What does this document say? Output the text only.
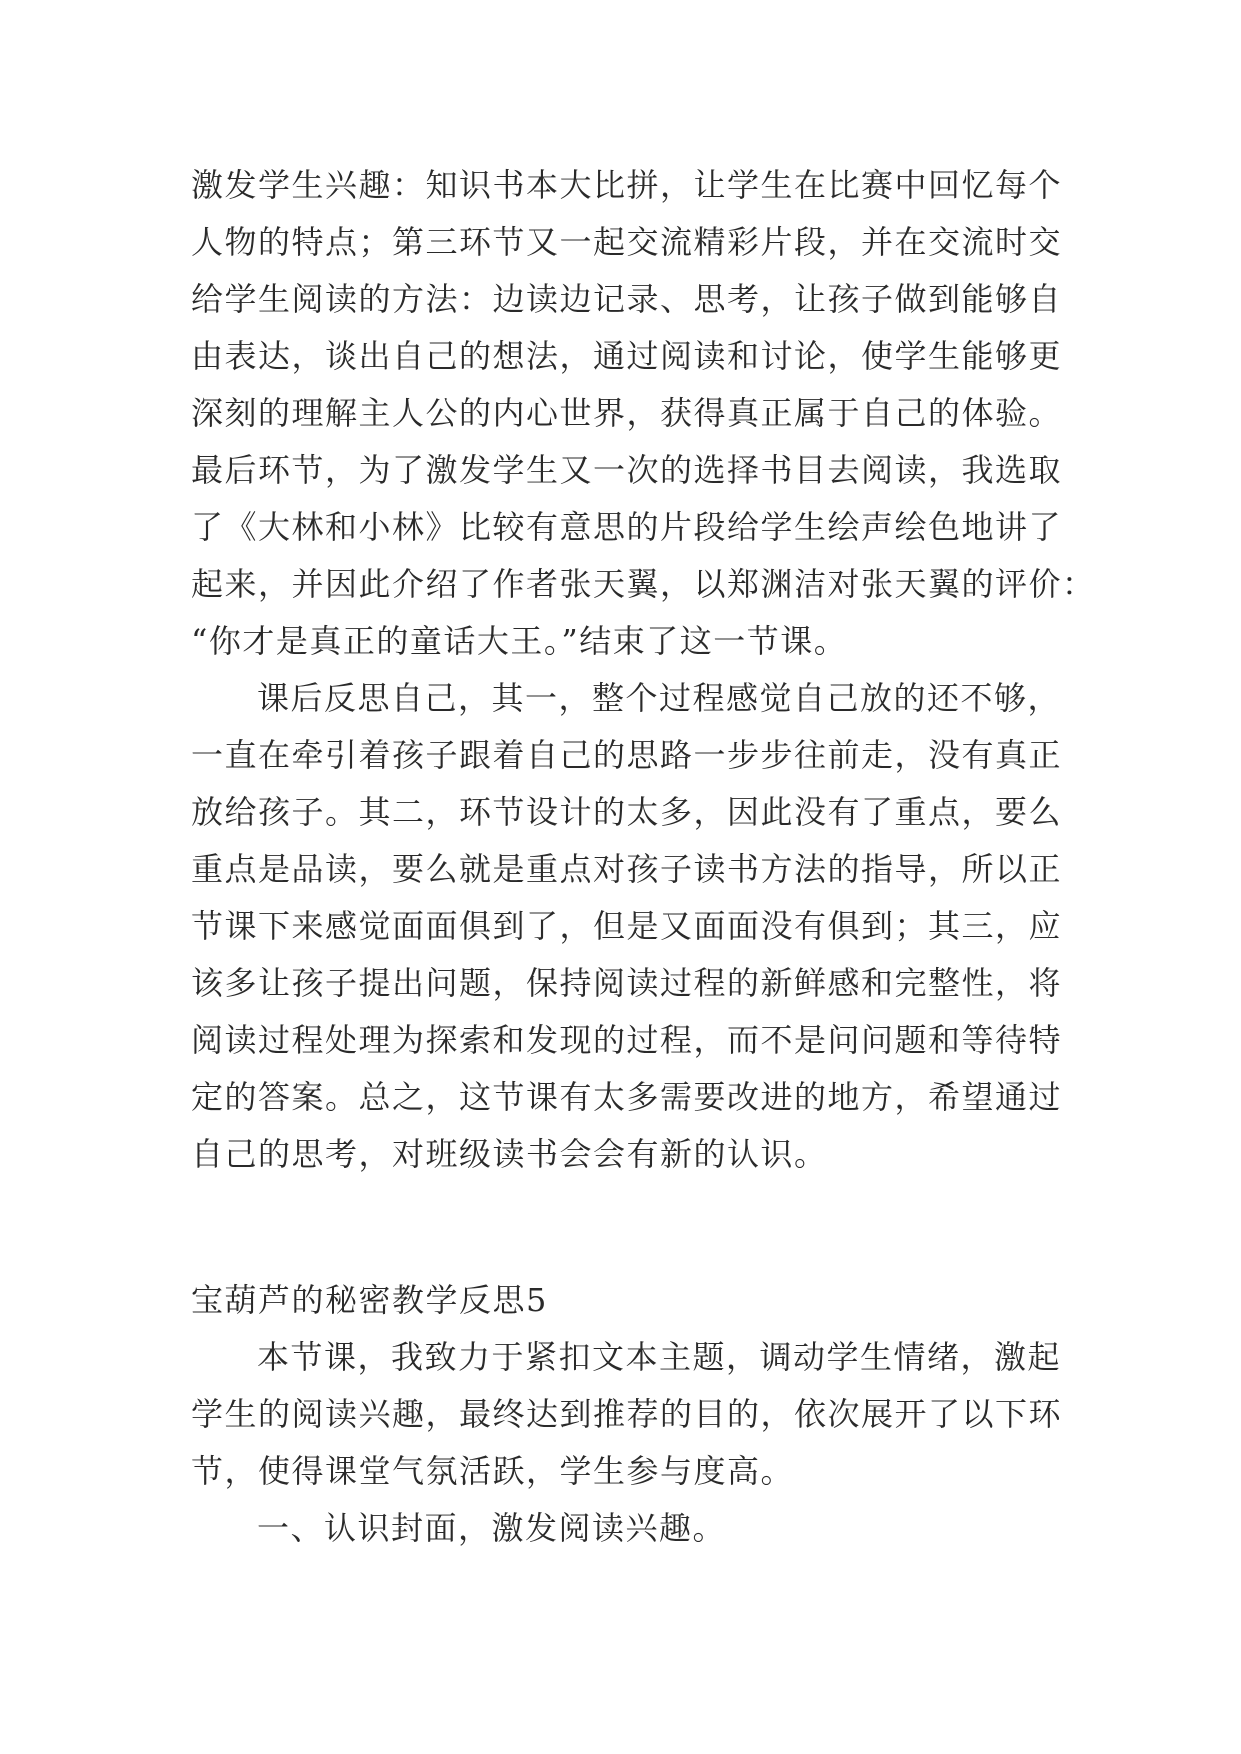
激发学生兴趣：知识书本大比拼，让学生在比赛中回忆每个
人物的特点；第三环节又一起交流精彩片段，并在交流时交
给学生阅读的方法：边读边记录、思考，让孩子做到能够自
由表达，谈出自己的想法，通过阅读和讨论，使学生能够更
深刻的理解主人公的内心世界，获得真正属于自己的体验。
最后环节，为了激发学生又一次的选择书目去阅读，我选取
了《大林和小林》比较有意思的片段给学生绘声绘色地讲了
起来，并因此介绍了作者张天翼，以郑渊洁对张天翼的评价：
“你才是真正的童话大王。”结束了这一节课。
课后反思自己，其一，整个过程感觉自己放的还不够，
一直在牵引着孩子跟着自己的思路一步步往前走，没有真正
放给孩子。其二，环节设计的太多，因此没有了重点，要么
重点是品读，要么就是重点对孩子读书方法的指导，所以正
节课下来感觉面面俱到了，但是又面面没有俱到；其三，应
该多让孩子提出问题，保持阅读过程的新鲜感和完整性，将
阅读过程处理为探索和发现的过程，而不是问问题和等待特
定的答案。总之，这节课有太多需要改进的地方，希望通过
自己的思考，对班级读书会会有新的认识。
宝葫芦的秘密教学反思5
本节课，我致力于紧扣文本主题，调动学生情绪，激起
学生的阅读兴趣，最终达到推荐的目的，依次展开了以下环
节，使得课堂气氛活跃，学生参与度高。
一、认识封面，激发阅读兴趣。
